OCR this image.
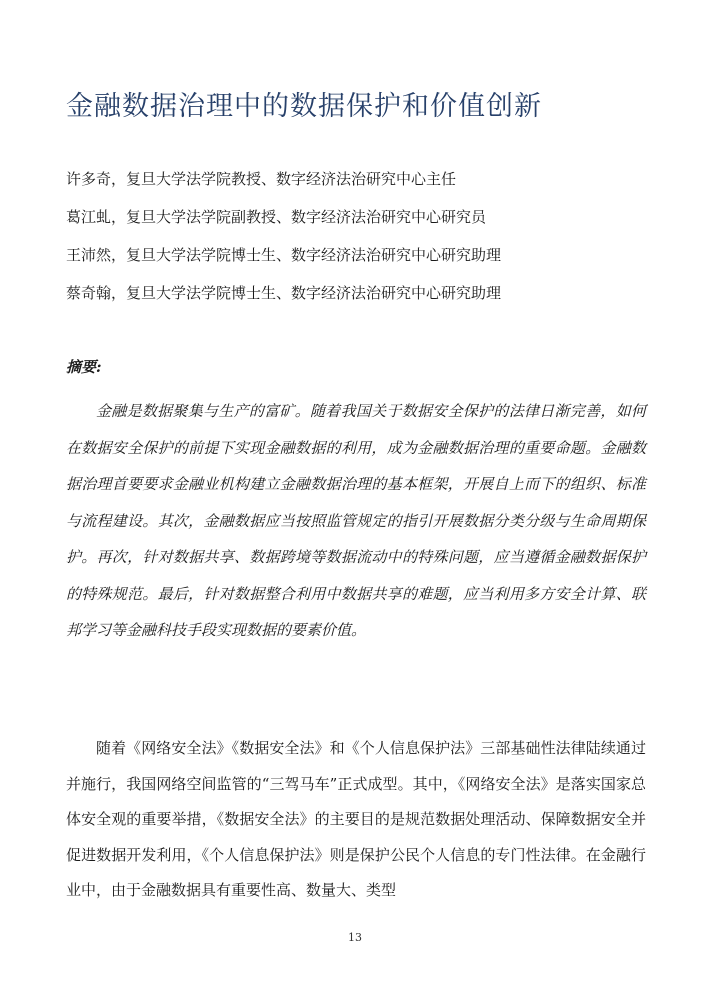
金融数据治理中的数据保护和价值创新
许多奇，复旦大学法学院教授、数字经济法治研究中心主任
葛江虬，复旦大学法学院副教授、数字经济法治研究中心研究员
王沛然，复旦大学法学院博士生、数字经济法治研究中心研究助理
蔡奇翰，复旦大学法学院博士生、数字经济法治研究中心研究助理
摘要:

金融是数据聚集与生产的富矿。随着我国关于数据安全保护的法律日渐完善，如何在数据安全保护的前提下实现金融数据的利用，成为金融数据治理的重要命题。金融数据治理首要要求金融业机构建立金融数据治理的基本框架，开展自上而下的组织、标准与流程建设。其次，金融数据应当按照监管规定的指引开展数据分类分级与生命周期保护。再次，针对数据共享、数据跨境等数据流动中的特殊问题，应当遵循金融数据保护的特殊规范。最后，针对数据整合利用中数据共享的难题，应当利用多方安全计算、联邦学习等金融科技手段实现数据的要素价值。

随着《网络安全法》《数据安全法》和《个人信息保护法》三部基础性法律陆续通过并施行，我国网络空间监管的“三驾马车”正式成型。其中，《网络安全法》是落实国家总体安全观的重要举措，《数据安全法》的主要目的是规范数据处理活动、保障数据安全并促进数据开发利用，《个人信息保护法》则是保护公民个人信息的专门性法律。在金融行业中，由于金融数据具有重要性高、数量大、类型

13
